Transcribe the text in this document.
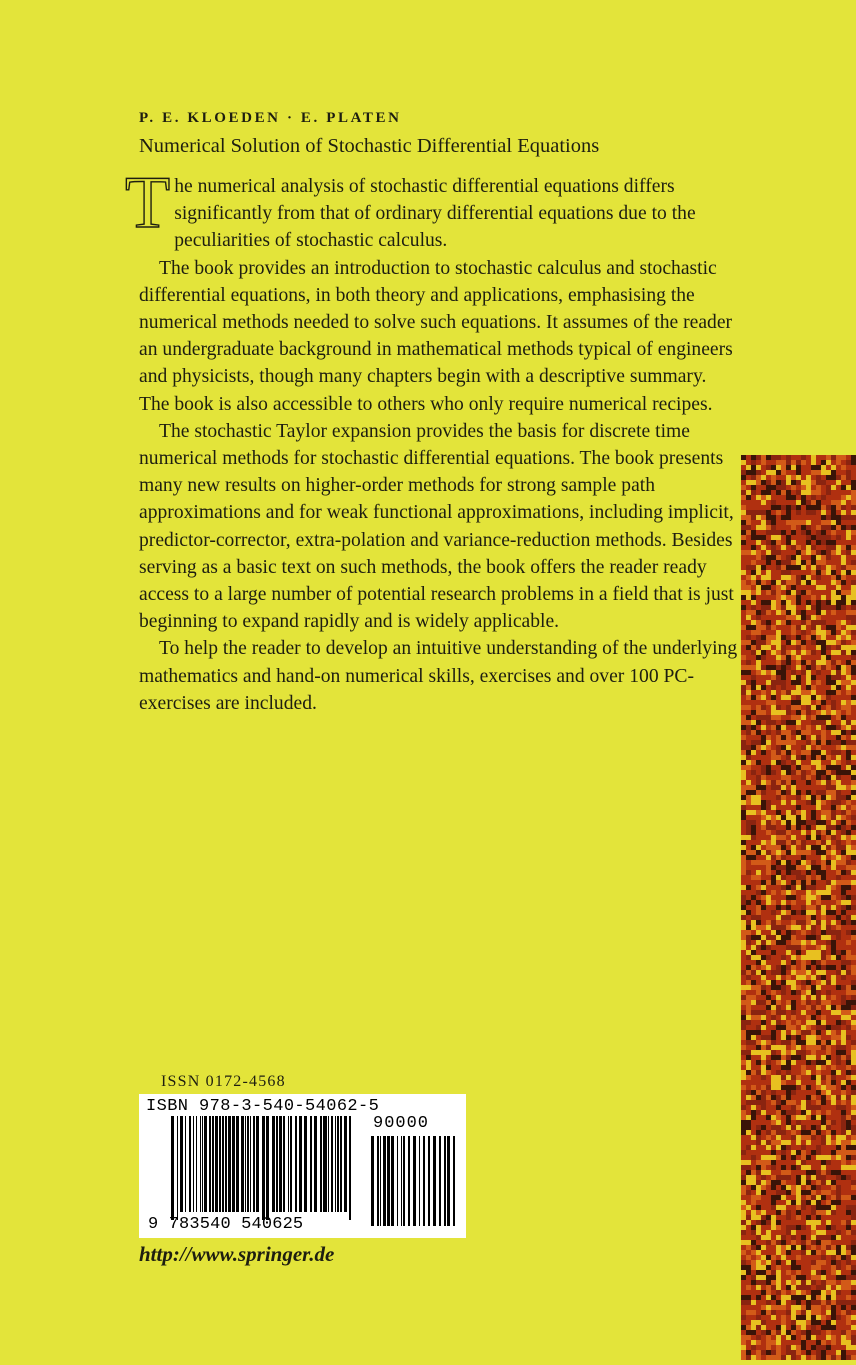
P. E. KLOEDEN · E. PLATEN
Numerical Solution of Stochastic Differential Equations

The numerical analysis of stochastic differential equations differs significantly from that of ordinary differential equations due to the peculiarities of stochastic calculus.

The book provides an introduction to stochastic calculus and stochastic differential equations, in both theory and applications, emphasising the numerical methods needed to solve such equations. It assumes of the reader an undergraduate background in mathematical methods typical of engineers and physicists, though many chapters begin with a descriptive summary. The book is also accessible to others who only require numerical recipes.

The stochastic Taylor expansion provides the basis for discrete time numerical methods for stochastic differential equations. The book presents many new results on higher-order methods for strong sample path approximations and for weak functional approximations, including implicit, predictor-corrector, extra-polation and variance-reduction methods. Besides serving as a basic text on such methods, the book offers the reader ready access to a large number of potential research problems in a field that is just beginning to expand rapidly and is widely applicable.

To help the reader to develop an intuitive understanding of the underlying mathematics and hand-on numerical skills, exercises and over 100 PC-exercises are included.

ISSN 0172-4568
ISBN 978-3-540-54062-5
90000
9 783540 540625
http://www.springer.de
